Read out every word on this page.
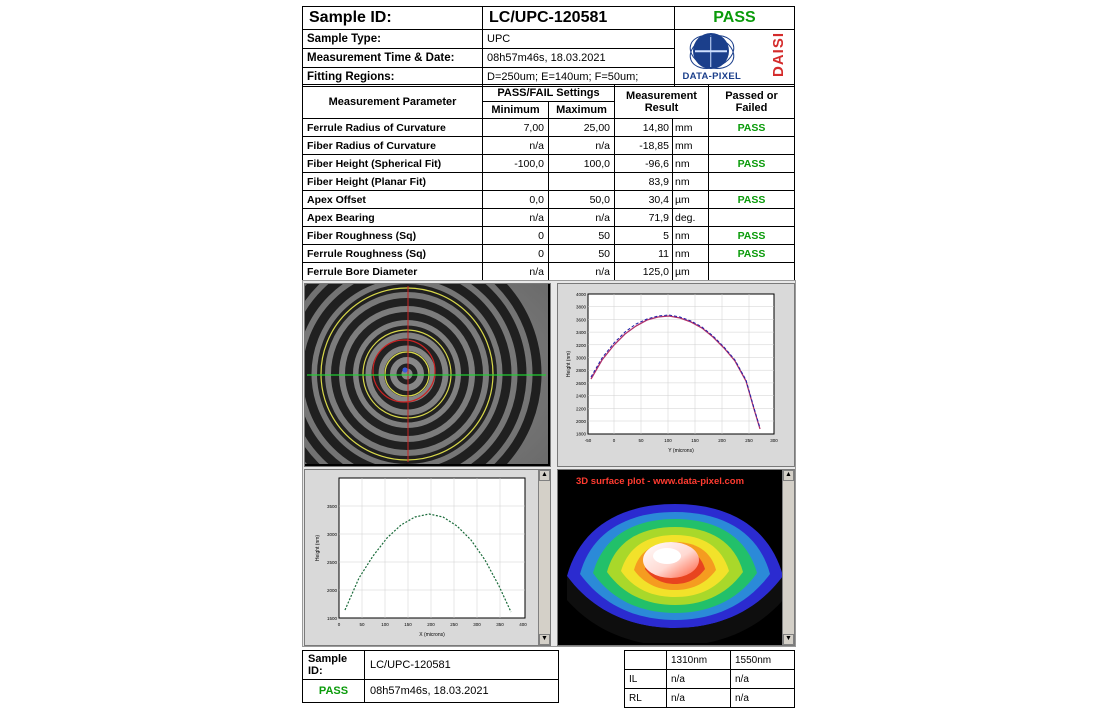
Sample ID:	LC/UPC-120581	PASS
Sample Type:	UPC	DATA-PIXEL DAISI

Measurement Time & Date:	08h57m46s, 18.03.2021	
Fitting Regions:	D=250um; E=140um; F=50um;	
Measurement Parameter	PASS/FAIL Settings		Measurement Result		Passed or Failed
	Minimum	Maximum			
Ferrule Radius of Curvature	7,00	25,00	14,80	mm	PASS
Fiber Radius of Curvature	n/a	n/a	-18,85	mm	
Fiber Height (Spherical Fit)	-100,0	100,0	-96,6	nm	PASS
Fiber Height (Planar Fit)			83,9	nm	
Apex Offset	0,0	50,0	30,4	µm	PASS
Apex Bearing	n/a	n/a	71,9	deg.	
Fiber Roughness (Sq)	0	50	5	nm	PASS
Ferrule Roughness (Sq)	0	50	11	nm	PASS
Ferrule Bore Diameter	n/a	n/a	125,0	µm	

4000
3800
3600
3400
3200
3000
2800
2600
2400
2200
2000
1800
-50	0	50	100	150	200	250	300
Y (microns)
Height (nm)
3500
3000
2500
2000
1500
0	50	100	150	200	250	300	350	400
X (microns)
Height (nm)
▲
▼
3D surface plot - www.data-pixel.com
▲
▼
Sample ID:	LC/UPC-120581
PASS	08h57m46s, 18.03.2021
	1310nm	1550nm
IL	n/a	n/a
RL	n/a	n/a
